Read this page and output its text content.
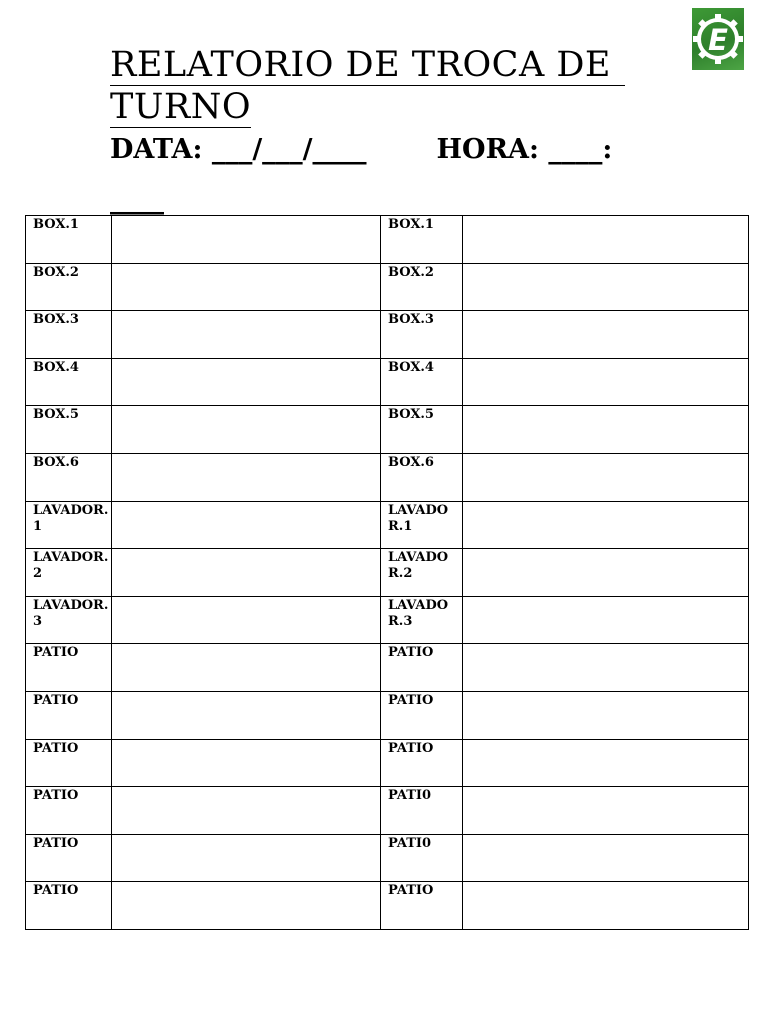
E
RELATORIO DE TROCA DE
TURNO
DATA: ___/___/____	HORA: ____:
____
BOX.1		BOX.1	
BOX.2		BOX.2	
BOX.3		BOX.3	
BOX.4		BOX.4	
BOX.5		BOX.5	
BOX.6		BOX.6	
LAVADOR.1		LAVADOR.1	
LAVADOR.2		LAVADOR.2	
LAVADOR.3		LAVADOR.3	
PATIO		PATIO	
PATIO		PATIO	
PATIO		PATIO	
PATIO		PATI0	
PATIO		PATI0	
PATIO		PATIO	
